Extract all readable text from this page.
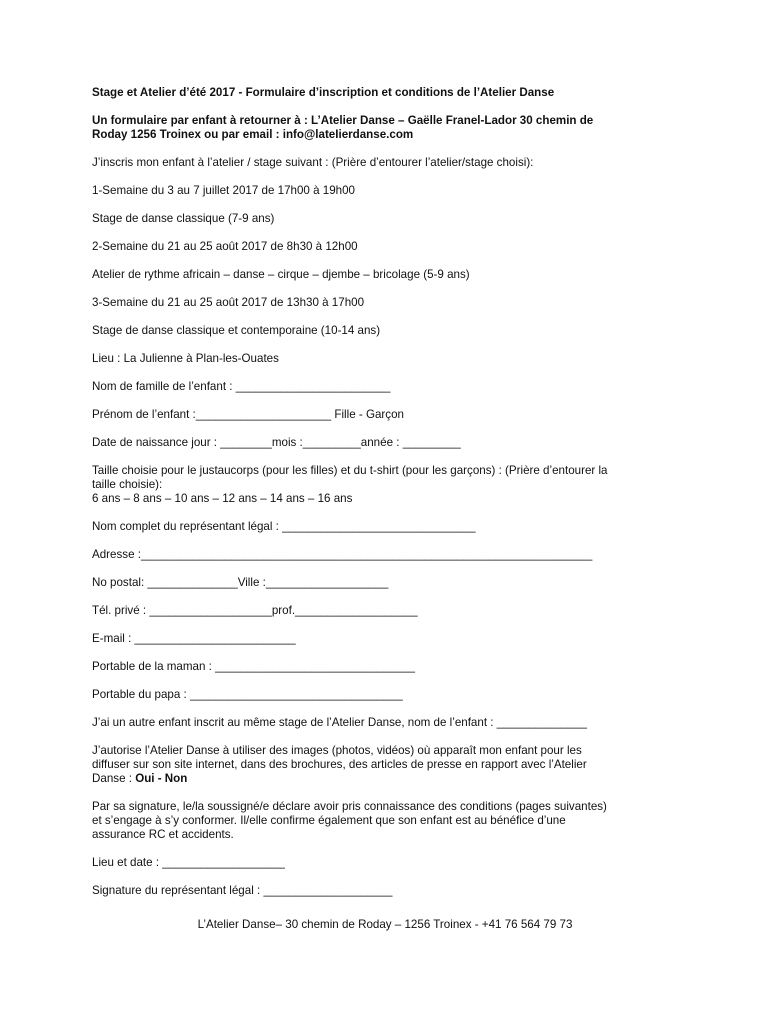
Stage et Atelier d’été 2017 - Formulaire d’inscription et conditions de l’Atelier Danse
Un formulaire par enfant à retourner à : L’Atelier Danse – Gaëlle Franel-Lador 30 chemin de
Roday 1256 Troinex ou par email : info@lateIierdanse.com
J’inscris mon enfant à l’atelier / stage suivant : (Prière d’entourer l’atelier/stage choisi):
1-Semaine du 3 au 7 juillet 2017 de 17h00 à 19h00
Stage de danse classique (7-9 ans)
2-Semaine du 21 au 25 août 2017 de 8h30 à 12h00
Atelier de rythme africain – danse – cirque – djembe – bricolage (5-9 ans)
3-Semaine du 21 au 25 août 2017 de 13h30 à 17h00
Stage de danse classique et contemporaine (10-14 ans)
Lieu : La Julienne à Plan-les-Ouates
Nom de famille de l’enfant : ________________________
Prénom de l’enfant :_____________________ Fille - Garçon
Date de naissance jour : ________mois :_________année : _________
Taille choisie pour le justaucorps (pour les filles) et du t-shirt (pour les garçons) : (Prière d’entourer la
taille choisie):
6 ans – 8 ans – 10 ans – 12 ans – 14 ans – 16 ans
Nom complet du représentant légal : ______________________________
Adresse :______________________________________________________________________
No postal: ______________Ville :___________________
Tél. privé : ___________________prof.___________________
E-mail : _________________________
Portable de la maman : _______________________________
Portable du papa : _________________________________
J’ai un autre enfant inscrit au même stage de l’Atelier Danse, nom de l’enfant : ______________
J’autorise l’Atelier Danse à utiliser des images (photos, vidéos) où apparaît mon enfant pour les
diffuser sur son site internet, dans des brochures, des articles de presse en rapport avec l’Atelier
Danse : Oui - Non
Par sa signature, le/la soussigné/e déclare avoir pris connaissance des conditions (pages suivantes)
et s’engage à s’y conformer. Il/elle confirme également que son enfant est au bénéfice d’une
assurance RC et accidents.
Lieu et date : ___________________
Signature du représentant légal : ____________________
L’Atelier Danse– 30 chemin de Roday – 1256 Troinex - +41 76 564 79 73
